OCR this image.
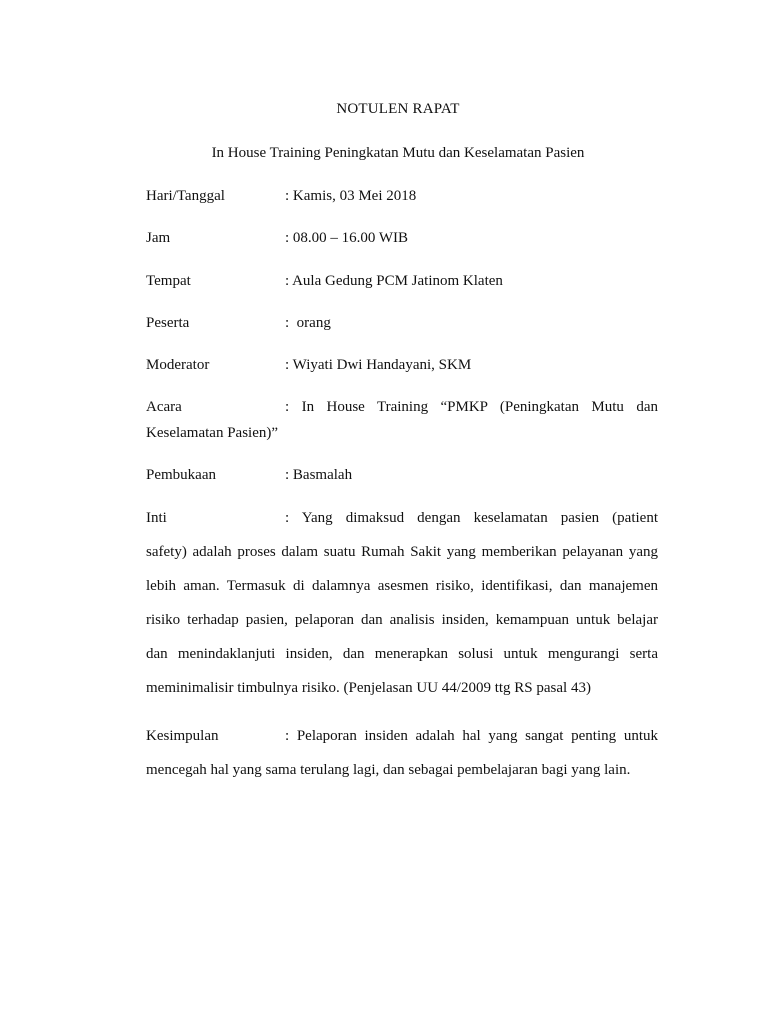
NOTULEN RAPAT
In House Training Peningkatan Mutu dan Keselamatan Pasien
Hari/Tanggal	: Kamis, 03 Mei 2018
Jam	: 08.00 – 16.00 WIB
Tempat	: Aula Gedung PCM Jatinom Klaten
Peserta	:  orang
Moderator	: Wiyati Dwi Handayani, SKM
Acara	: In House Training “PMKP (Peningkatan Mutu dan
Keselamatan Pasien)”
Pembukaan	: Basmalah
Inti	: Yang dimaksud dengan keselamatan pasien (patient
safety) adalah proses dalam suatu Rumah Sakit yang memberikan pelayanan yang
lebih aman. Termasuk di dalamnya asesmen risiko, identifikasi, dan manajemen
risiko terhadap pasien, pelaporan dan analisis insiden, kemampuan untuk belajar
dan menindaklanjuti insiden, dan menerapkan solusi untuk mengurangi serta
meminimalisir timbulnya risiko. (Penjelasan UU 44/2009 ttg RS pasal 43)
Kesimpulan	: Pelaporan insiden adalah hal yang sangat penting untuk
mencegah hal yang sama terulang lagi, dan sebagai pembelajaran bagi yang lain.
